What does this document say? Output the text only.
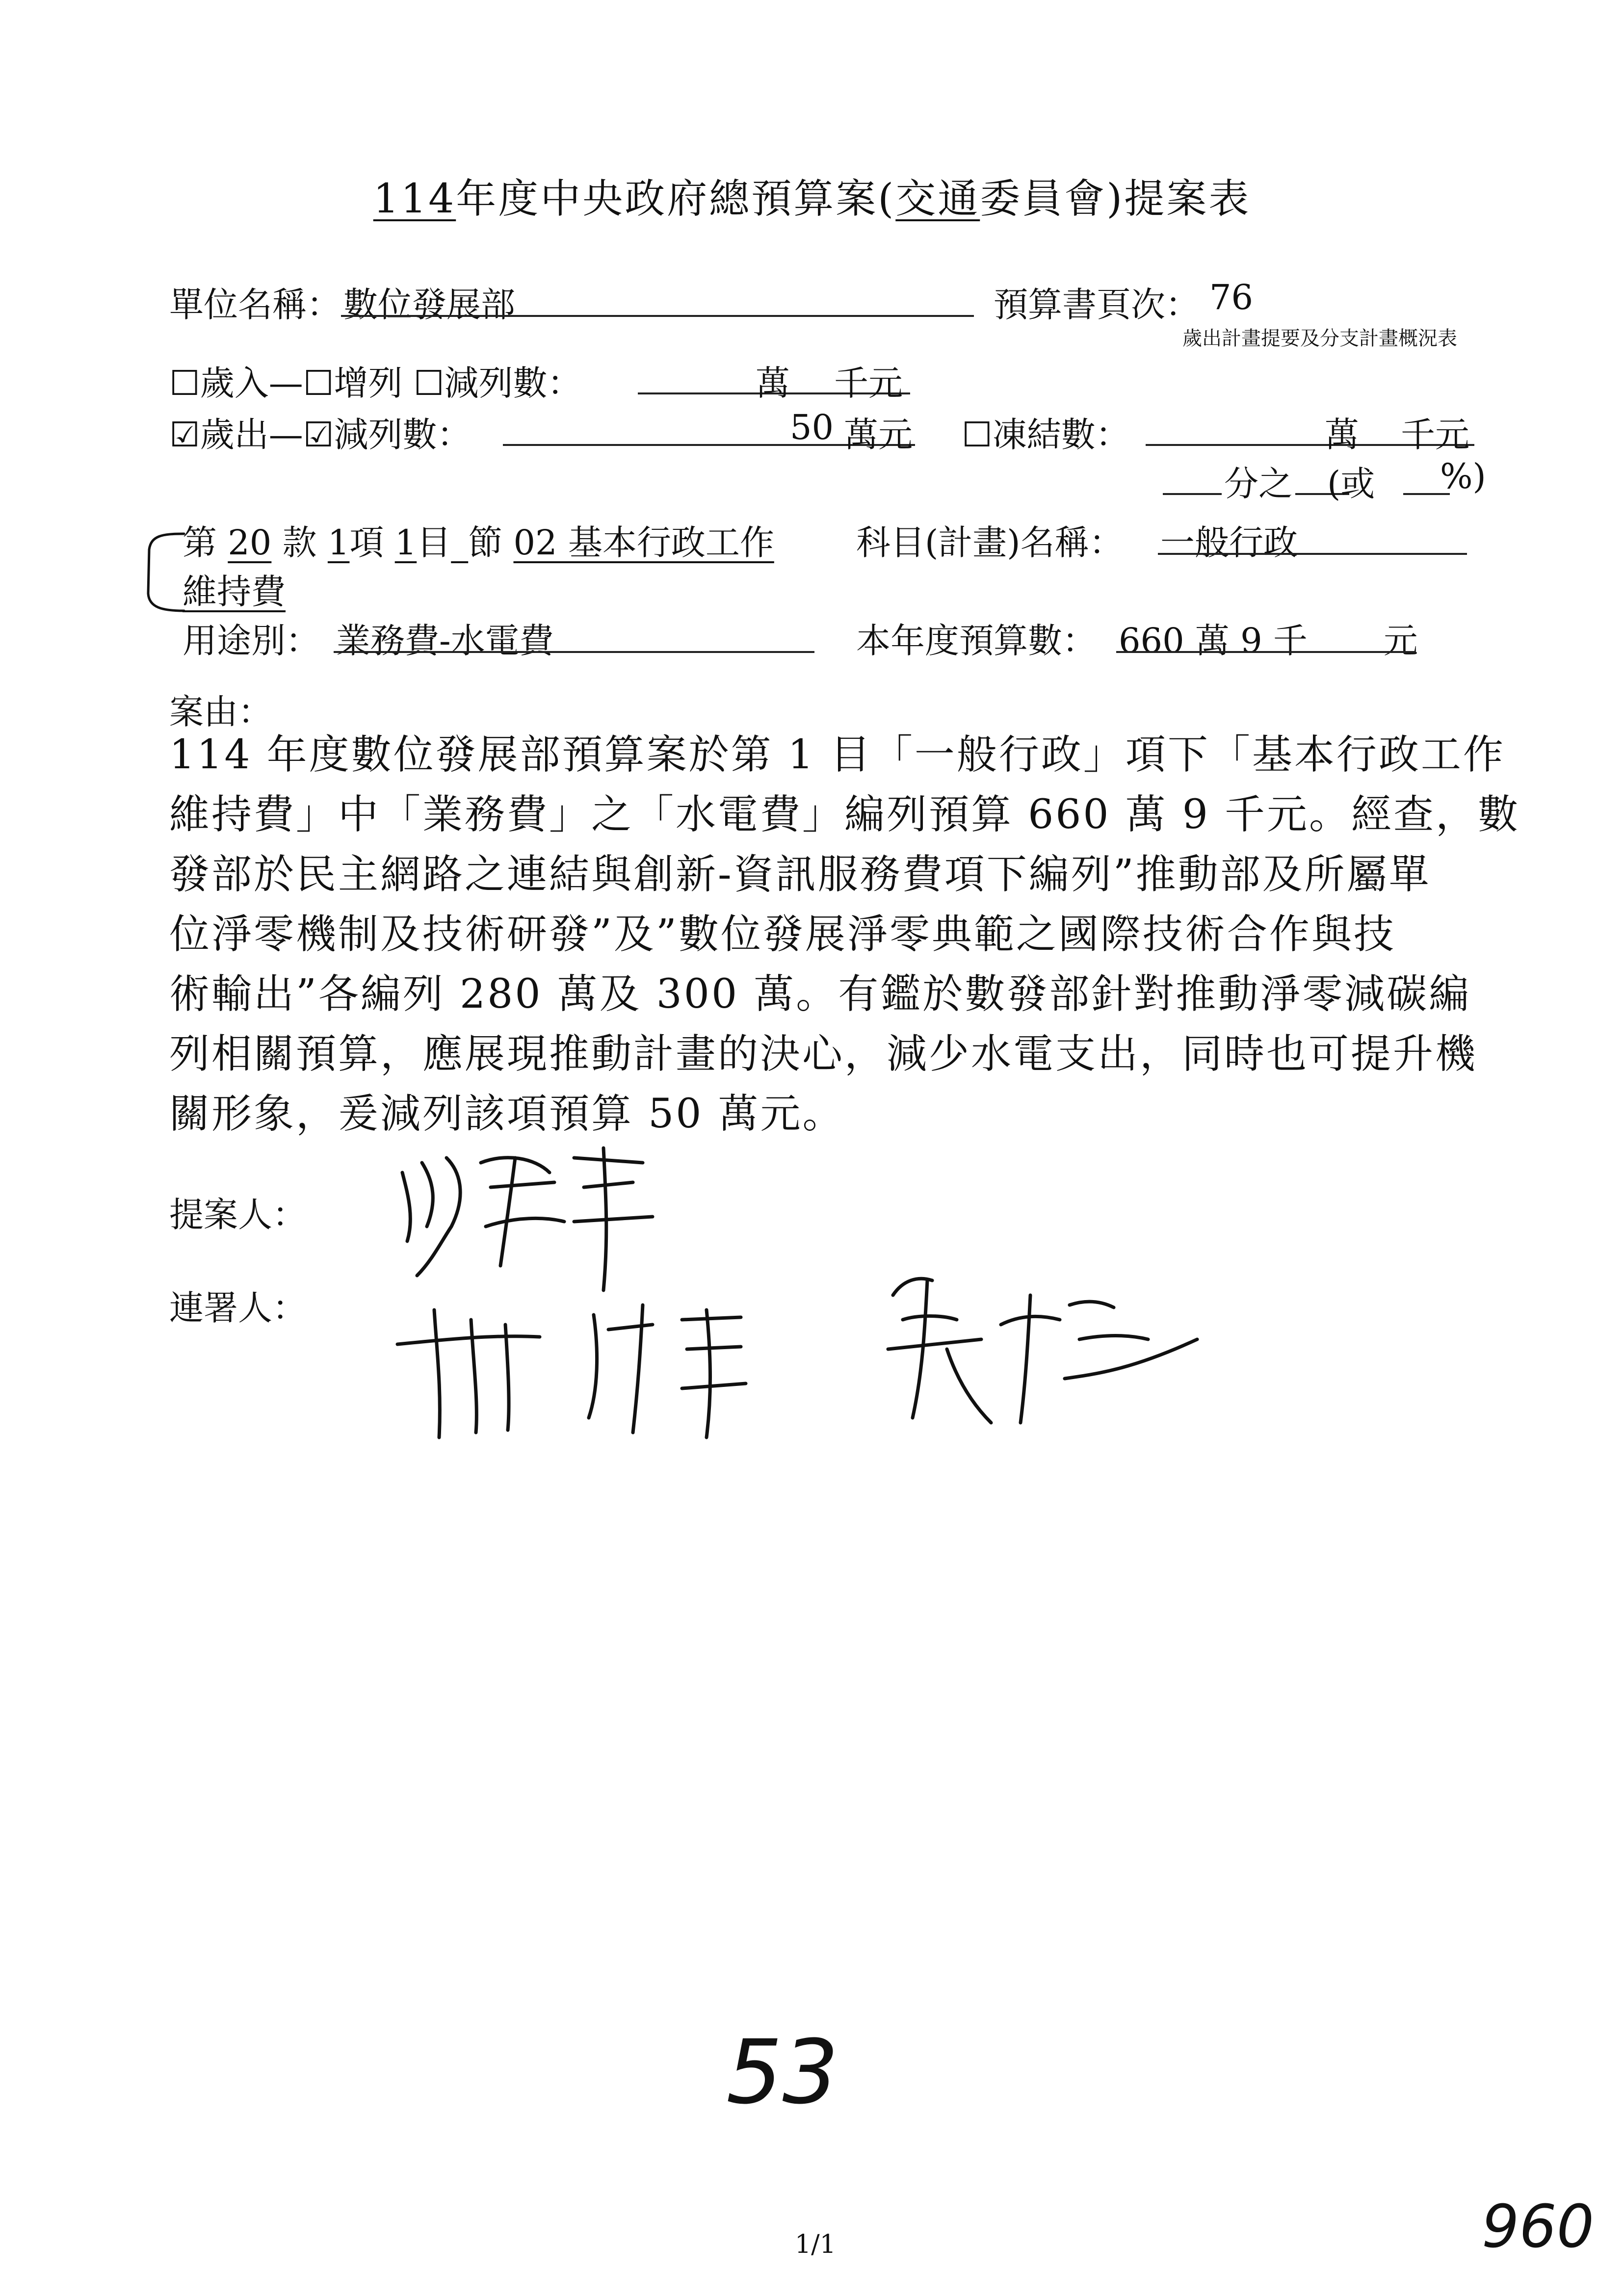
114年度中央政府總預算案(交通委員會)提案表
單位名稱： 數位發展部	預算書頁次： 76
歲出計畫提要及分支計畫概況表
☐歲入—☐增列 ☐減列數：	萬 千元
☑歲出—☑減列數：	50 萬元 ☐凍結數：	萬 千元
分之 (或 %)
第 20 款 1項 1目  節 02 基本行政工作 科目(計畫)名稱： 一般行政
維持費
用途別： 業務費-水電費	本年度預算數： 660 萬 9 千 元
案由：
114 年度數位發展部預算案於第 1 目「一般行政」項下「基本行政工作
維持費」中「業務費」之「水電費」編列預算 660 萬 9 千元。經查，數
發部於民主網路之連結與創新-資訊服務費項下編列”推動部及所屬單
位淨零機制及技術研發”及”數位發展淨零典範之國際技術合作與技
術輸出”各編列 280 萬及 300 萬。有鑑於數發部針對推動淨零減碳編
列相關預算，應展現推動計畫的決心，減少水電支出，同時也可提升機
關形象，爰減列該項預算 50 萬元。
提案人：
連署人：
53
1/1	960
